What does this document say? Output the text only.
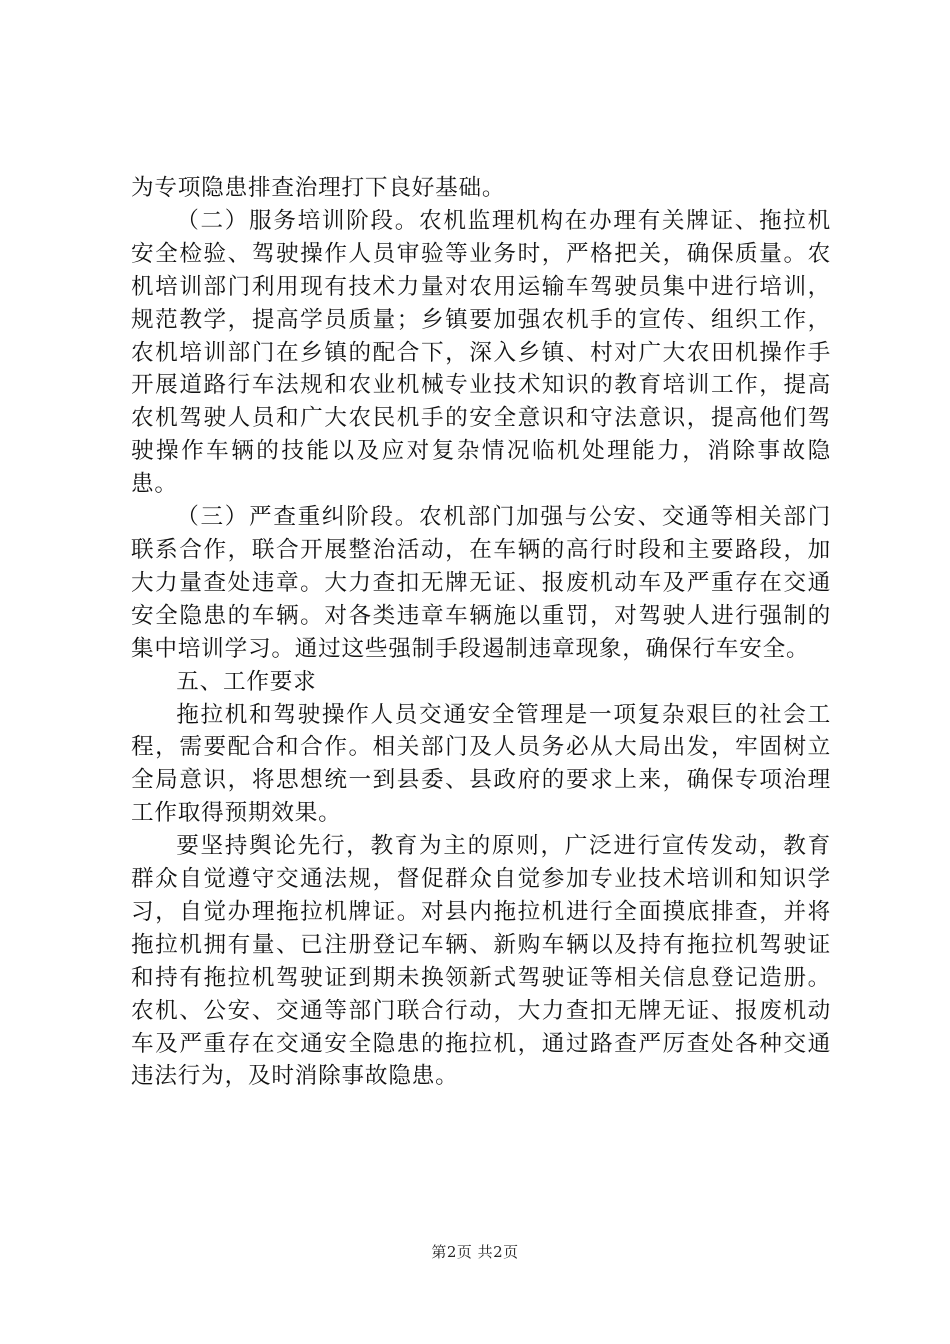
为专项隐患排查治理打下良好基础。

（二）服务培训阶段。农机监理机构在办理有关牌证、拖拉机安全检验、驾驶操作人员审验等业务时，严格把关，确保质量。农机培训部门利用现有技术力量对农用运输车驾驶员集中进行培训，规范教学，提高学员质量；乡镇要加强农机手的宣传、组织工作，农机培训部门在乡镇的配合下，深入乡镇、村对广大农田机操作手开展道路行车法规和农业机械专业技术知识的教育培训工作，提高农机驾驶人员和广大农民机手的安全意识和守法意识，提高他们驾驶操作车辆的技能以及应对复杂情况临机处理能力，消除事故隐患。

（三）严查重纠阶段。农机部门加强与公安、交通等相关部门联系合作，联合开展整治活动，在车辆的高行时段和主要路段，加大力量查处违章。大力查扣无牌无证、报废机动车及严重存在交通安全隐患的车辆。对各类违章车辆施以重罚，对驾驶人进行强制的集中培训学习。通过这些强制手段遏制违章现象，确保行车安全。

五、工作要求

拖拉机和驾驶操作人员交通安全管理是一项复杂艰巨的社会工程，需要配合和合作。相关部门及人员务必从大局出发，牢固树立全局意识，将思想统一到县委、县政府的要求上来，确保专项治理工作取得预期效果。

要坚持舆论先行，教育为主的原则，广泛进行宣传发动，教育群众自觉遵守交通法规，督促群众自觉参加专业技术培训和知识学习，自觉办理拖拉机牌证。对县内拖拉机进行全面摸底排查，并将拖拉机拥有量、已注册登记车辆、新购车辆以及持有拖拉机驾驶证和持有拖拉机驾驶证到期未换领新式驾驶证等相关信息登记造册。农机、公安、交通等部门联合行动，大力查扣无牌无证、报废机动车及严重存在交通安全隐患的拖拉机，通过路查严厉查处各种交通违法行为，及时消除事故隐患。

第2页 共2页
